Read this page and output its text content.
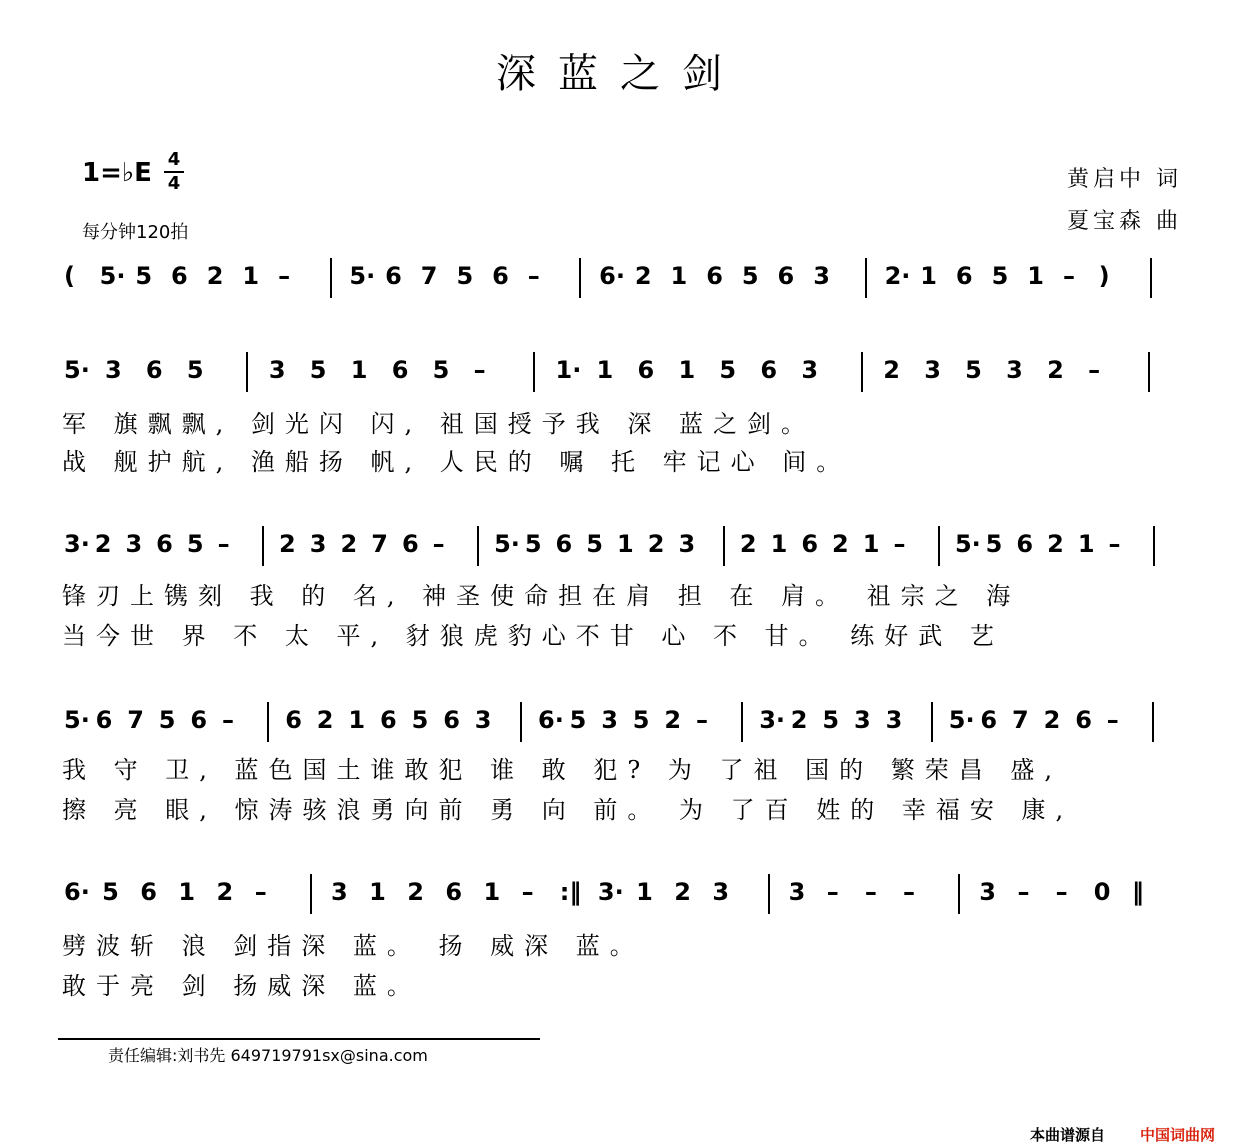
深蓝之剑
1=♭E 4
4
每分钟120拍
黄启中 词
夏宝森 曲
( 5· 5 6 2 1 – 5· 6 7 5 6 – 6· 2 1 6 5 6 3 2· 1 6 5 1 – )
5· 3 6 5	3 5 1 6 5 –	1· 1 6 1 5 6 3	2 3 5 3 2 –
军 旗飘飘, 剑光闪 闪, 祖国授予我 深 蓝之剑。
战 舰护航, 渔船扬 帆, 人民的 嘱 托 牢记心 间。
3· 2 3 6 5 – 2 3 2 7 6 – 5· 5 6 5 1 2 3 2 1 6 2 1 – 5· 5 6 2 1 –
锋刃上镌刻 我 的 名, 神圣使命担在肩 担 在 肩。 祖宗之 海
当今世 界 不 太 平, 豺狼虎豹心不甘 心 不 甘。 练好武 艺
5· 6 7 5 6 – 6 2 1 6 5 6 3 6· 5 3 5 2 – 3· 2 5 3 3 5· 6 7 2 6 –
我 守 卫, 蓝色国土谁敢犯 谁 敢 犯? 为 了祖 国的 繁荣昌 盛,
擦 亮 眼, 惊涛骇浪勇向前 勇 向 前。 为 了百 姓的 幸福安 康,
6· 5 6 1 2 –	3 1 2 6 1 – :‖ 3· 1 2 3 3 – – –	3 – – 0 ‖
劈波斩 浪 剑指深 蓝。 扬 威深 蓝。
敢于亮 剑 扬威深 蓝。
责任编辑:刘书先 649719791sx@sina.com
本曲谱源自 中国词曲网
